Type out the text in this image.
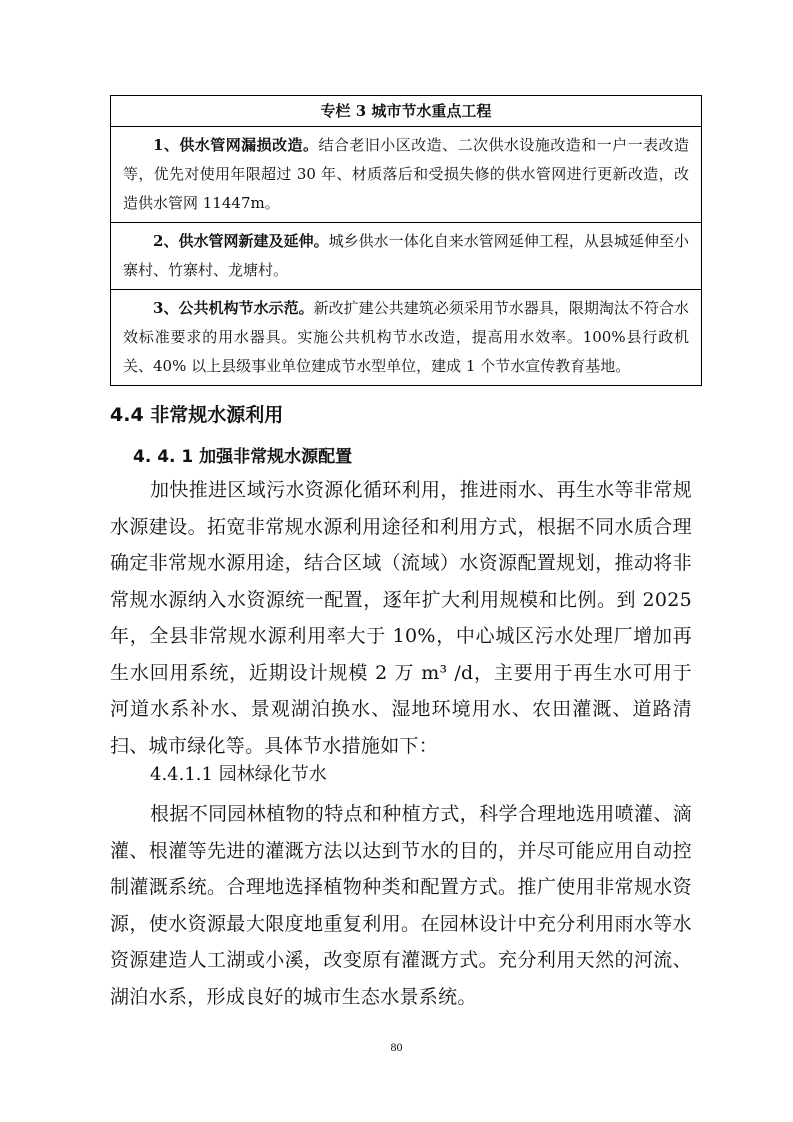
专栏 3 城市节水重点工程
1、供水管网漏损改造。结合老旧小区改造、二次供水设施改造和一户一表改造等，优先对使用年限超过 30 年、材质落后和受损失修的供水管网进行更新改造，改造供水管网 11447m。
2、供水管网新建及延伸。城乡供水一体化自来水管网延伸工程，从县城延伸至小寨村、竹寨村、龙塘村。
3、公共机构节水示范。新改扩建公共建筑必须采用节水器具，限期淘汰不符合水效标准要求的用水器具。实施公共机构节水改造，提高用水效率。100%县行政机关、40% 以上县级事业单位建成节水型单位，建成 1 个节水宣传教育基地。
4.4 非常规水源利用
4. 4. 1 加强非常规水源配置
加快推进区域污水资源化循环利用，推进雨水、再生水等非常规水源建设。拓宽非常规水源利用途径和利用方式，根据不同水质合理确定非常规水源用途，结合区域（流域）水资源配置规划，推动将非常规水源纳入水资源统一配置，逐年扩大利用规模和比例。到 2025 年，全县非常规水源利用率大于 10%，中心城区污水处理厂增加再生水回用系统，近期设计规模 2 万 m³ /d，主要用于再生水可用于河道水系补水、景观湖泊换水、湿地环境用水、农田灌溉、道路清扫、城市绿化等。具体节水措施如下：
4.4.1.1 园林绿化节水
根据不同园林植物的特点和种植方式，科学合理地选用喷灌、滴灌、根灌等先进的灌溉方法以达到节水的目的，并尽可能应用自动控制灌溉系统。合理地选择植物种类和配置方式。推广使用非常规水资源，使水资源最大限度地重复利用。在园林设计中充分利用雨水等水资源建造人工湖或小溪，改变原有灌溉方式。充分利用天然的河流、湖泊水系，形成良好的城市生态水景系统。
80
